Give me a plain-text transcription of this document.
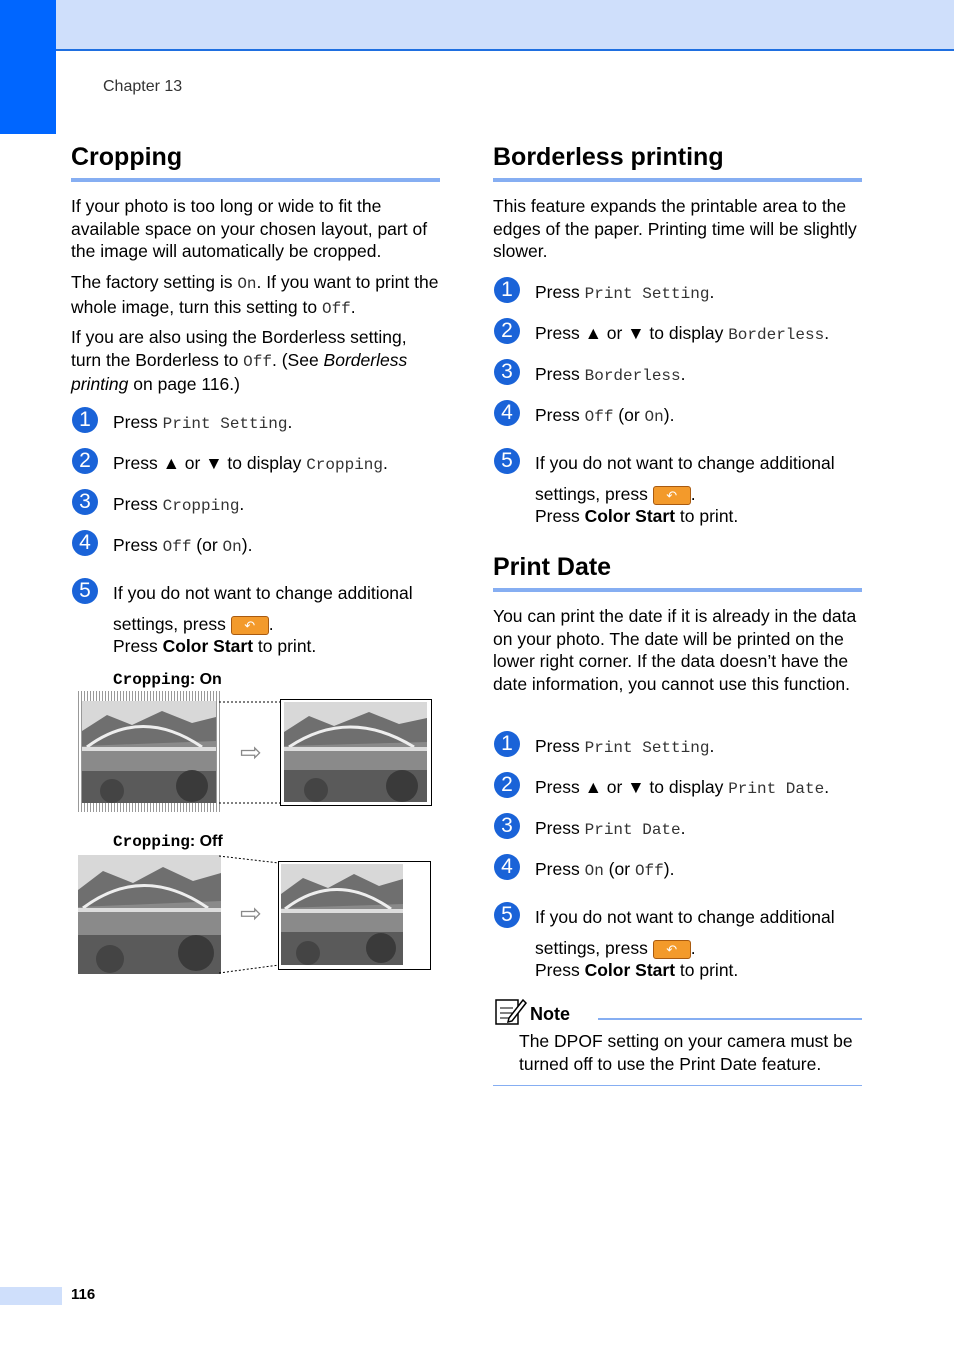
Chapter 13
Cropping

If your photo is too long or wide to fit the available space on your chosen layout, part of the image will automatically be cropped.

The factory setting is On. If you want to print the whole image, turn this setting to Off.

If you are also using the Borderless setting, turn the Borderless to Off. (See Borderless printing on page 116.)

1	Press Print Setting.
2	Press ▲ or ▼ to display Cropping.
3	Press Cropping.
4	Press Off (or On).
5	If you do not want to change additional
settings, press ↶ .
Press Color Start to print.
Cropping: On
⇨
Cropping: Off
⇨
Borderless printing

This feature expands the printable area to the edges of the paper. Printing time will be slightly slower.

1	Press Print Setting.
2	Press ▲ or ▼ to display Borderless.
3	Press Borderless.
4	Press Off (or On).
5	If you do not want to change additional
settings, press ↶ .
Press Color Start to print.
Print Date

You can print the date if it is already in the data on your photo. The date will be printed on the lower right corner. If the data doesn’t have the date information, you cannot use this function.

1	Press Print Setting.
2	Press ▲ or ▼ to display Print Date.
3	Press Print Date.
4	Press On (or Off).
5	If you do not want to change additional
settings, press ↶ .
Press Color Start to print.
Note

The DPOF setting on your camera must be turned off to use the Print Date feature.

116
